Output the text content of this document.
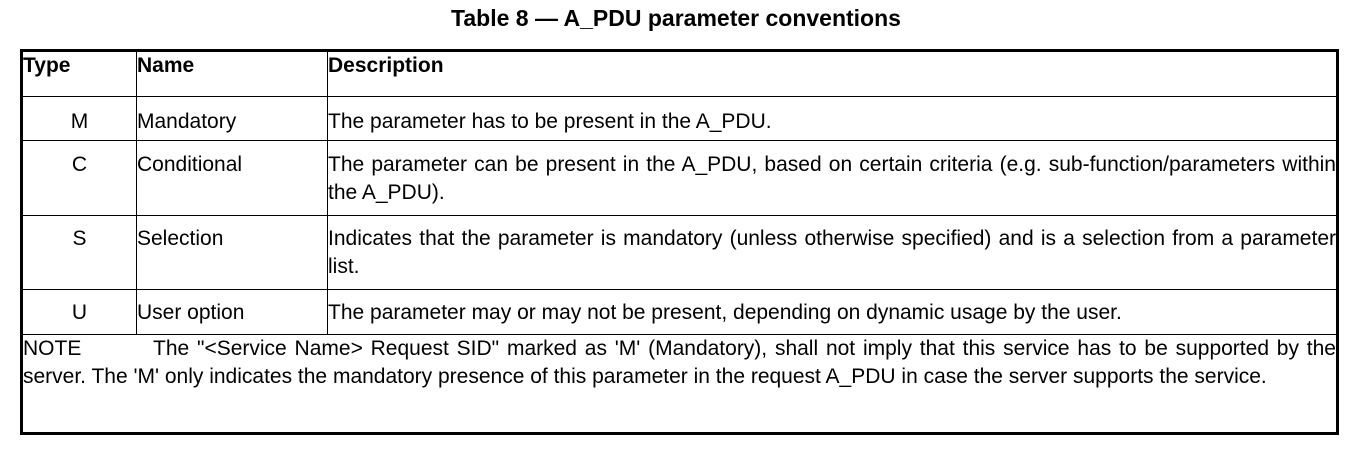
Table 8 — A_PDU parameter conventions
Type	Name	Description
M	Mandatory	The parameter has to be present in the A_PDU.
C	Conditional	The parameter can be present in the A_PDU, based on certain criteria (e.g. sub-function/parameters within the A_PDU).
S	Selection	Indicates that the parameter is mandatory (unless otherwise specified) and is a selection from a parameter list.
U	User option	The parameter may or may not be present, depending on dynamic usage by the user.
NOTE The "<Service Name> Request SID" marked as 'M' (Mandatory), shall not imply that this service has to be supported by the server. The 'M' only indicates the mandatory presence of this parameter in the request A_PDU in case the server supports the service.		
